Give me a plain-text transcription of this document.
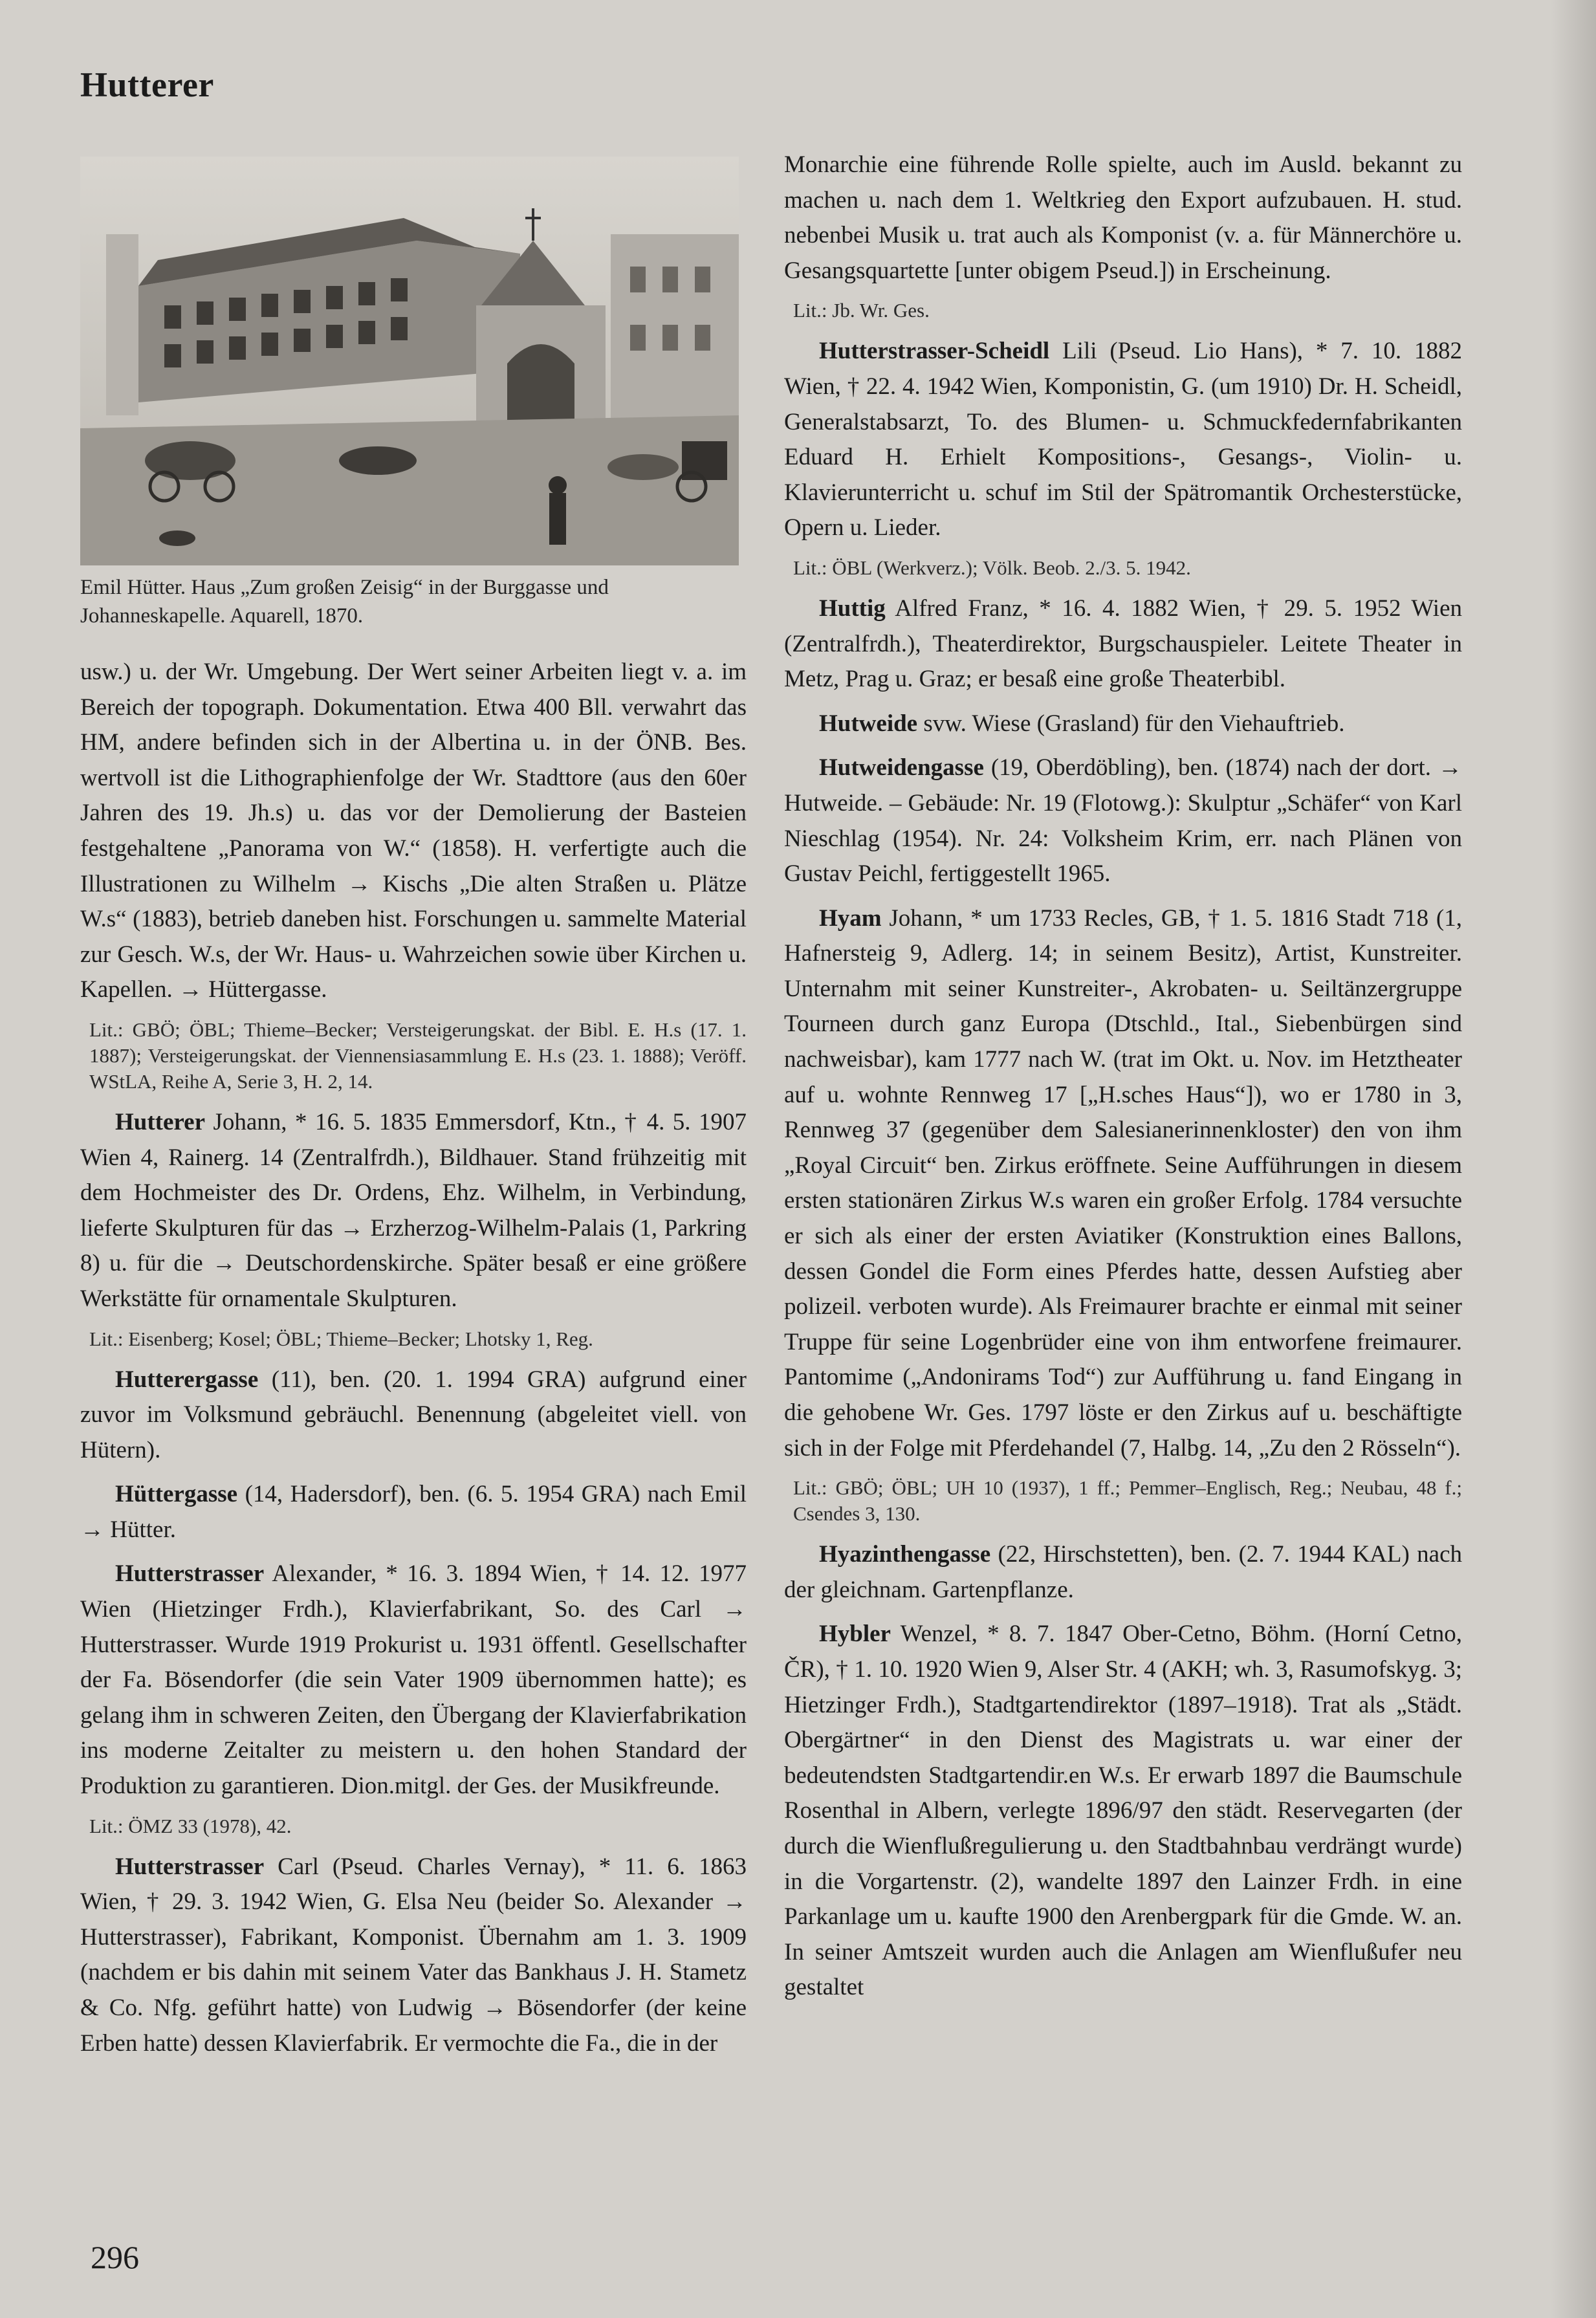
Hutterer
Emil Hütter. Haus „Zum großen Zeisig“ in der Burggasse und Johanneskapelle. Aquarell, 1870.

usw.) u. der Wr. Umgebung. Der Wert seiner Arbeiten liegt v. a. im Bereich der topograph. Dokumentation. Etwa 400 Bll. verwahrt das HM, andere befinden sich in der Albertina u. in der ÖNB. Bes. wertvoll ist die Lithographienfolge der Wr. Stadttore (aus den 60er Jahren des 19. Jh.s) u. das vor der Demolierung der Basteien festgehaltene „Panorama von W.“ (1858). H. verfertigte auch die Illustrationen zu Wilhelm → Kischs „Die alten Straßen u. Plätze W.s“ (1883), betrieb daneben hist. Forschungen u. sammelte Material zur Gesch. W.s, der Wr. Haus- u. Wahrzeichen sowie über Kirchen u. Kapellen. → Hüttergasse.

Lit.: GBÖ; ÖBL; Thieme–Becker; Versteigerungskat. der Bibl. E. H.s (17. 1. 1887); Versteigerungskat. der Viennensiasammlung E. H.s (23. 1. 1888); Veröff. WStLA, Reihe A, Serie 3, H. 2, 14.

Hutterer Johann, * 16. 5. 1835 Emmersdorf, Ktn., † 4. 5. 1907 Wien 4, Rainerg. 14 (Zentralfrdh.), Bildhauer. Stand frühzeitig mit dem Hochmeister des Dr. Ordens, Ehz. Wilhelm, in Verbindung, lieferte Skulpturen für das → Erzherzog-Wilhelm-Palais (1, Parkring 8) u. für die → Deutschordenskirche. Später besaß er eine größere Werkstätte für ornamentale Skulpturen.

Lit.: Eisenberg; Kosel; ÖBL; Thieme–Becker; Lhotsky 1, Reg.

Hutterergasse (11), ben. (20. 1. 1994 GRA) aufgrund einer zuvor im Volksmund gebräuchl. Benennung (abgeleitet viell. von Hütern).

Hüttergasse (14, Hadersdorf), ben. (6. 5. 1954 GRA) nach Emil → Hütter.

Hutterstrasser Alexander, * 16. 3. 1894 Wien, † 14. 12. 1977 Wien (Hietzinger Frdh.), Klavierfabrikant, So. des Carl → Hutterstrasser. Wurde 1919 Prokurist u. 1931 öffentl. Gesellschafter der Fa. Bösendorfer (die sein Vater 1909 übernommen hatte); es gelang ihm in schweren Zeiten, den Übergang der Klavierfabrikation ins moderne Zeitalter zu meistern u. den hohen Standard der Produktion zu garantieren. Dion.mitgl. der Ges. der Musikfreunde.

Lit.: ÖMZ 33 (1978), 42.

Hutterstrasser Carl (Pseud. Charles Vernay), * 11. 6. 1863 Wien, † 29. 3. 1942 Wien, G. Elsa Neu (beider So. Alexander → Hutterstrasser), Fabrikant, Komponist. Übernahm am 1. 3. 1909 (nachdem er bis dahin mit seinem Vater das Bankhaus J. H. Stametz & Co. Nfg. geführt hatte) von Ludwig → Bösendorfer (der keine Erben hatte) dessen Klavierfabrik. Er vermochte die Fa., die in der

Monarchie eine führende Rolle spielte, auch im Ausld. bekannt zu machen u. nach dem 1. Weltkrieg den Export aufzubauen. H. stud. nebenbei Musik u. trat auch als Komponist (v. a. für Männerchöre u. Gesangsquartette [unter obigem Pseud.]) in Erscheinung.

Lit.: Jb. Wr. Ges.

Hutterstrasser-Scheidl Lili (Pseud. Lio Hans), * 7. 10. 1882 Wien, † 22. 4. 1942 Wien, Komponistin, G. (um 1910) Dr. H. Scheidl, Generalstabsarzt, To. des Blumen- u. Schmuckfedernfabrikanten Eduard H. Erhielt Kompositions-, Gesangs-, Violin- u. Klavierunterricht u. schuf im Stil der Spätromantik Orchesterstücke, Opern u. Lieder.

Lit.: ÖBL (Werkverz.); Völk. Beob. 2./3. 5. 1942.

Huttig Alfred Franz, * 16. 4. 1882 Wien, † 29. 5. 1952 Wien (Zentralfrdh.), Theaterdirektor, Burgschauspieler. Leitete Theater in Metz, Prag u. Graz; er besaß eine große Theaterbibl.

Hutweide svw. Wiese (Grasland) für den Viehauftrieb.

Hutweidengasse (19, Oberdöbling), ben. (1874) nach der dort. → Hutweide. – Gebäude: Nr. 19 (Flotowg.): Skulptur „Schäfer“ von Karl Nieschlag (1954). Nr. 24: Volksheim Krim, err. nach Plänen von Gustav Peichl, fertiggestellt 1965.

Hyam Johann, * um 1733 Recles, GB, † 1. 5. 1816 Stadt 718 (1, Hafnersteig 9, Adlerg. 14; in seinem Besitz), Artist, Kunstreiter. Unternahm mit seiner Kunstreiter-, Akrobaten- u. Seiltänzergruppe Tourneen durch ganz Europa (Dtschld., Ital., Siebenbürgen sind nachweisbar), kam 1777 nach W. (trat im Okt. u. Nov. im Hetztheater auf u. wohnte Rennweg 17 [„H.sches Haus“]), wo er 1780 in 3, Rennweg 37 (gegenüber dem Salesianerinnenkloster) den von ihm „Royal Circuit“ ben. Zirkus eröffnete. Seine Aufführungen in diesem ersten stationären Zirkus W.s waren ein großer Erfolg. 1784 versuchte er sich als einer der ersten Aviatiker (Konstruktion eines Ballons, dessen Gondel die Form eines Pferdes hatte, dessen Aufstieg aber polizeil. verboten wurde). Als Freimaurer brachte er einmal mit seiner Truppe für seine Logenbrüder eine von ihm entworfene freimaurer. Pantomime („Andonirams Tod“) zur Aufführung u. fand Eingang in die gehobene Wr. Ges. 1797 löste er den Zirkus auf u. beschäftigte sich in der Folge mit Pferdehandel (7, Halbg. 14, „Zu den 2 Rösseln“).

Lit.: GBÖ; ÖBL; UH 10 (1937), 1 ff.; Pemmer–Englisch, Reg.; Neubau, 48 f.; Csendes 3, 130.

Hyazinthengasse (22, Hirschstetten), ben. (2. 7. 1944 KAL) nach der gleichnam. Gartenpflanze.

Hybler Wenzel, * 8. 7. 1847 Ober-Cetno, Böhm. (Horní Cetno, ČR), † 1. 10. 1920 Wien 9, Alser Str. 4 (AKH; wh. 3, Rasumofskyg. 3; Hietzinger Frdh.), Stadtgartendirektor (1897–1918). Trat als „Städt. Obergärtner“ in den Dienst des Magistrats u. war einer der bedeutendsten Stadtgartendir.en W.s. Er erwarb 1897 die Baumschule Rosenthal in Albern, verlegte 1896/97 den städt. Reservegarten (der durch die Wienflußregulierung u. den Stadtbahnbau verdrängt wurde) in die Vorgartenstr. (2), wandelte 1897 den Lainzer Frdh. in eine Parkanlage um u. kaufte 1900 den Arenbergpark für die Gmde. W. an. In seiner Amtszeit wurden auch die Anlagen am Wienflußufer neu gestaltet

296
